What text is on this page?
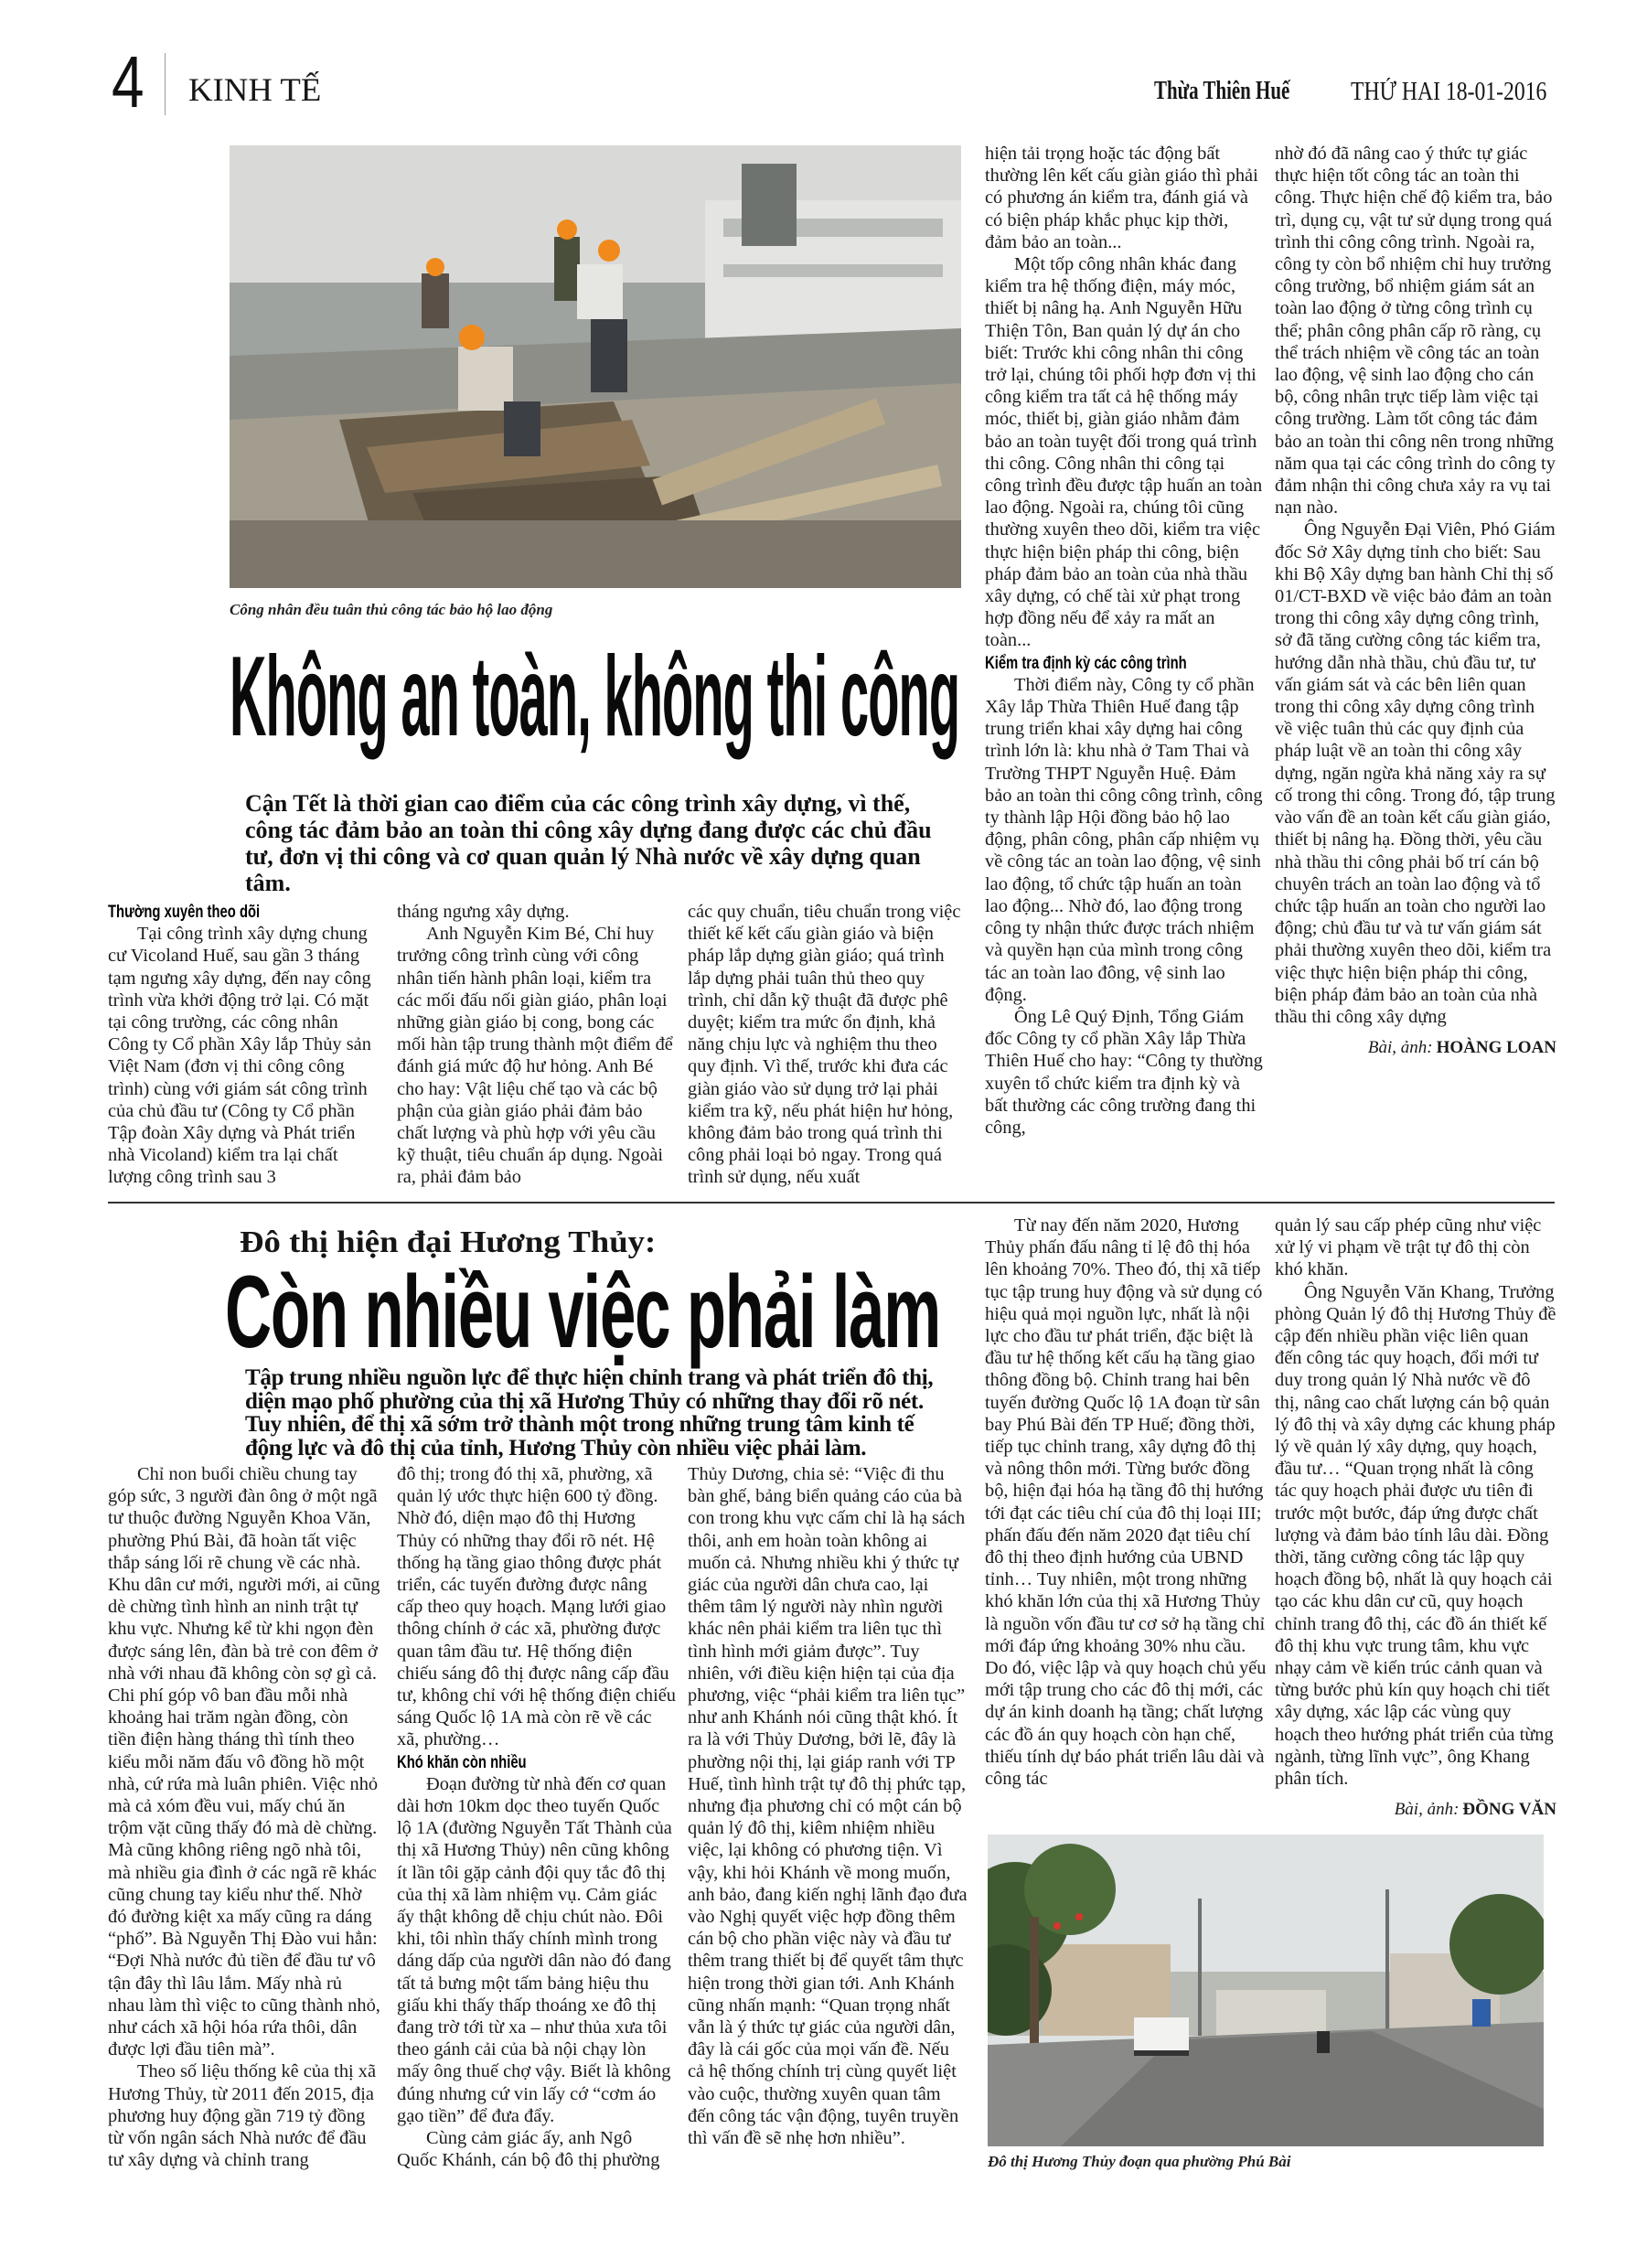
4 KINH TẾ	Thừa Thiên Huế THỨ HAI 18-01-2016
Công nhân đều tuân thủ công tác bảo hộ lao động
Không an toàn, không thi công
Cận Tết là thời gian cao điểm của các công trình xây dựng, vì thế, công tác đảm bảo an toàn thi công xây dựng đang được các chủ đầu tư, đơn vị thi công và cơ quan quản lý Nhà nước về xây dựng quan tâm.
Thường xuyên theo dõi

Tại công trình xây dựng chung cư Vicoland Huế, sau gần 3 tháng tạm ngưng xây dựng, đến nay công trình vừa khởi động trở lại. Có mặt tại công trường, các công nhân Công ty Cổ phần Xây lắp Thủy sản Việt Nam (đơn vị thi công công trình) cùng với giám sát công trình của chủ đầu tư (Công ty Cổ phần Tập đoàn Xây dựng và Phát triển nhà Vicoland) kiểm tra lại chất lượng công trình sau 3

tháng ngưng xây dựng.

Anh Nguyễn Kim Bé, Chỉ huy trưởng công trình cùng với công nhân tiến hành phân loại, kiểm tra các mối đấu nối giàn giáo, phân loại những giàn giáo bị cong, bong các mối hàn tập trung thành một điểm để đánh giá mức độ hư hỏng. Anh Bé cho hay: Vật liệu chế tạo và các bộ phận của giàn giáo phải đảm bảo chất lượng và phù hợp với yêu cầu kỹ thuật, tiêu chuẩn áp dụng. Ngoài ra, phải đảm bảo

các quy chuẩn, tiêu chuẩn trong việc thiết kế kết cấu giàn giáo và biện pháp lắp dựng giàn giáo; quá trình lắp dựng phải tuân thủ theo quy trình, chỉ dẫn kỹ thuật đã được phê duyệt; kiểm tra mức ổn định, khả năng chịu lực và nghiệm thu theo quy định. Vì thế, trước khi đưa các giàn giáo vào sử dụng trở lại phải kiểm tra kỹ, nếu phát hiện hư hỏng, không đảm bảo trong quá trình thi công phải loại bỏ ngay. Trong quá trình sử dụng, nếu xuất

hiện tải trọng hoặc tác động bất thường lên kết cấu giàn giáo thì phải có phương án kiểm tra, đánh giá và có biện pháp khắc phục kịp thời, đảm bảo an toàn...

Một tốp công nhân khác đang kiểm tra hệ thống điện, máy móc, thiết bị nâng hạ. Anh Nguyễn Hữu Thiện Tôn, Ban quản lý dự án cho biết: Trước khi công nhân thi công trở lại, chúng tôi phối hợp đơn vị thi công kiểm tra tất cả hệ thống máy móc, thiết bị, giàn giáo nhằm đảm bảo an toàn tuyệt đối trong quá trình thi công. Công nhân thi công tại công trình đều được tập huấn an toàn lao động. Ngoài ra, chúng tôi cũng thường xuyên theo dõi, kiểm tra việc thực hiện biện pháp thi công, biện pháp đảm bảo an toàn của nhà thầu xây dựng, có chế tài xử phạt trong hợp đồng nếu để xảy ra mất an toàn...

Kiểm tra định kỳ các công trình

Thời điểm này, Công ty cổ phần Xây lắp Thừa Thiên Huế đang tập trung triển khai xây dựng hai công trình lớn là: khu nhà ở Tam Thai và Trường THPT Nguyễn Huệ. Đảm bảo an toàn thi công công trình, công ty thành lập Hội đồng bảo hộ lao động, phân công, phân cấp nhiệm vụ về công tác an toàn lao động, vệ sinh lao động, tổ chức tập huấn an toàn lao động... Nhờ đó, lao động trong công ty nhận thức được trách nhiệm và quyền hạn của mình trong công tác an toàn lao đông, vệ sinh lao động.

Ông Lê Quý Định, Tổng Giám đốc Công ty cổ phần Xây lắp Thừa Thiên Huế cho hay: “Công ty thường xuyên tổ chức kiểm tra định kỳ và bất thường các công trường đang thi công,

nhờ đó đã nâng cao ý thức tự giác thực hiện tốt công tác an toàn thi công. Thực hiện chế độ kiểm tra, bảo trì, dụng cụ, vật tư sử dụng trong quá trình thi công công trình. Ngoài ra, công ty còn bổ nhiệm chỉ huy trưởng công trường, bổ nhiệm giám sát an toàn lao động ở từng công trình cụ thể; phân công phân cấp rõ ràng, cụ thể trách nhiệm về công tác an toàn lao động, vệ sinh lao động cho cán bộ, công nhân trực tiếp làm việc tại công trường. Làm tốt công tác đảm bảo an toàn thi công nên trong những năm qua tại các công trình do công ty đảm nhận thi công chưa xảy ra vụ tai nạn nào.

Ông Nguyễn Đại Viên, Phó Giám đốc Sở Xây dựng tỉnh cho biết: Sau khi Bộ Xây dựng ban hành Chỉ thị số 01/CT-BXD về việc bảo đảm an toàn trong thi công xây dựng công trình, sở đã tăng cường công tác kiểm tra, hướng dẫn nhà thầu, chủ đầu tư, tư vấn giám sát và các bên liên quan trong thi công xây dựng công trình về việc tuân thủ các quy định của pháp luật về an toàn thi công xây dựng, ngăn ngừa khả năng xảy ra sự cố trong thi công. Trong đó, tập trung vào vấn đề an toàn kết cấu giàn giáo, thiết bị nâng hạ. Đồng thời, yêu cầu nhà thầu thi công phải bố trí cán bộ chuyên trách an toàn lao động và tổ chức tập huấn an toàn cho người lao động; chủ đầu tư và tư vấn giám sát phải thường xuyên theo dõi, kiểm tra việc thực hiện biện pháp thi công, biện pháp đảm bảo an toàn của nhà thầu thi công xây dựng

Bài, ảnh: HOÀNG LOAN
Đô thị hiện đại Hương Thủy:
Còn nhiều việc phải làm
Tập trung nhiều nguồn lực để thực hiện chỉnh trang và phát triển đô thị, diện mạo phố phường của thị xã Hương Thủy có những thay đổi rõ nét. Tuy nhiên, để thị xã sớm trở thành một trong những trung tâm kinh tế động lực và đô thị của tỉnh, Hương Thủy còn nhiều việc phải làm.

Chỉ non buổi chiều chung tay góp sức, 3 người đàn ông ở một ngã tư thuộc đường Nguyễn Khoa Văn, phường Phú Bài, đã hoàn tất việc thắp sáng lối rẽ chung về các nhà. Khu dân cư mới, người mới, ai cũng dè chừng tình hình an ninh trật tự khu vực. Nhưng kể từ khi ngọn đèn được sáng lên, đàn bà trẻ con đêm ở nhà với nhau đã không còn sợ gì cả. Chi phí góp vô ban đầu mỗi nhà khoảng hai trăm ngàn đồng, còn tiền điện hàng tháng thì tính theo kiểu mỗi năm đấu vô đồng hồ một nhà, cứ rứa mà luân phiên. Việc nhỏ mà cả xóm đều vui, mấy chú ăn trộm vặt cũng thấy đó mà dè chừng. Mà cũng không riêng ngõ nhà tôi, mà nhiều gia đình ở các ngã rẽ khác cũng chung tay kiểu như thế. Nhờ đó đường kiệt xa mấy cũng ra dáng “phố”. Bà Nguyễn Thị Đào vui hẳn: “Đợi Nhà nước đủ tiền để đầu tư vô tận đây thì lâu lắm. Mấy nhà rủ nhau làm thì việc to cũng thành nhỏ, như cách xã hội hóa rứa thôi, dân được lợi đầu tiên mà”.

Theo số liệu thống kê của thị xã Hương Thủy, từ 2011 đến 2015, địa phương huy động gần 719 tỷ đồng từ vốn ngân sách Nhà nước để đầu tư xây dựng và chỉnh trang

đô thị; trong đó thị xã, phường, xã quản lý ước thực hiện 600 tỷ đồng. Nhờ đó, diện mạo đô thị Hương Thủy có những thay đổi rõ nét. Hệ thống hạ tầng giao thông được phát triển, các tuyến đường được nâng cấp theo quy hoạch. Mạng lưới giao thông chính ở các xã, phường được quan tâm đầu tư. Hệ thống điện chiếu sáng đô thị được nâng cấp đầu tư, không chỉ với hệ thống điện chiếu sáng Quốc lộ 1A mà còn rẽ về các xã, phường…

Khó khăn còn nhiều

Đoạn đường từ nhà đến cơ quan dài hơn 10km dọc theo tuyến Quốc lộ 1A (đường Nguyễn Tất Thành của thị xã Hương Thủy) nên cũng không ít lần tôi gặp cảnh đội quy tắc đô thị của thị xã làm nhiệm vụ. Cảm giác ấy thật không dễ chịu chút nào. Đôi khi, tôi nhìn thấy chính mình trong dáng dấp của người dân nào đó đang tất tả bưng một tấm bảng hiệu thu giấu khi thấy thấp thoáng xe đô thị đang trờ tới từ xa – như thủa xưa tôi theo gánh cải của bà nội chạy lòn mấy ông thuế chợ vậy. Biết là không đúng nhưng cứ vin lấy cớ “cơm áo gạo tiền” để đưa đẩy.

Cùng cảm giác ấy, anh Ngô Quốc Khánh, cán bộ đô thị phường

Thủy Dương, chia sẻ: “Việc đi thu bàn ghế, bảng biển quảng cáo của bà con trong khu vực cấm chỉ là hạ sách thôi, anh em hoàn toàn không ai muốn cả. Nhưng nhiều khi ý thức tự giác của người dân chưa cao, lại thêm tâm lý người này nhìn người khác nên phải kiểm tra liên tục thì tình hình mới giảm được”. Tuy nhiên, với điều kiện hiện tại của địa phương, việc “phải kiểm tra liên tục” như anh Khánh nói cũng thật khó. Ít ra là với Thủy Dương, bởi lẽ, đây là phường nội thị, lại giáp ranh với TP Huế, tình hình trật tự đô thị phức tạp, nhưng địa phương chỉ có một cán bộ quản lý đô thị, kiêm nhiệm nhiều việc, lại không có phương tiện. Vì vậy, khi hỏi Khánh về mong muốn, anh bảo, đang kiến nghị lãnh đạo đưa vào Nghị quyết việc hợp đồng thêm cán bộ cho phần việc này và đầu tư thêm trang thiết bị để quyết tâm thực hiện trong thời gian tới. Anh Khánh cũng nhấn mạnh: “Quan trọng nhất vẫn là ý thức tự giác của người dân, đây là cái gốc của mọi vấn đề. Nếu cả hệ thống chính trị cùng quyết liệt vào cuộc, thường xuyên quan tâm đến công tác vận động, tuyên truyền thì vấn đề sẽ nhẹ hơn nhiều”.

Từ nay đến năm 2020, Hương Thủy phấn đấu nâng tỉ lệ đô thị hóa lên khoảng 70%. Theo đó, thị xã tiếp tục tập trung huy động và sử dụng có hiệu quả mọi nguồn lực, nhất là nội lực cho đầu tư phát triển, đặc biệt là đầu tư hệ thống kết cấu hạ tầng giao thông đồng bộ. Chỉnh trang hai bên tuyến đường Quốc lộ 1A đoạn từ sân bay Phú Bài đến TP Huế; đồng thời, tiếp tục chỉnh trang, xây dựng đô thị và nông thôn mới. Từng bước đồng bộ, hiện đại hóa hạ tầng đô thị hướng tới đạt các tiêu chí của đô thị loại III; phấn đấu đến năm 2020 đạt tiêu chí đô thị theo định hướng của UBND tỉnh… Tuy nhiên, một trong những khó khăn lớn của thị xã Hương Thủy là nguồn vốn đầu tư cơ sở hạ tầng chỉ mới đáp ứng khoảng 30% nhu cầu. Do đó, việc lập và quy hoạch chủ yếu mới tập trung cho các đô thị mới, các dự án kinh doanh hạ tầng; chất lượng các đồ án quy hoạch còn hạn chế, thiếu tính dự báo phát triển lâu dài và công tác

quản lý sau cấp phép cũng như việc xử lý vi phạm về trật tự đô thị còn khó khăn.

Ông Nguyễn Văn Khang, Trưởng phòng Quản lý đô thị Hương Thủy đề cập đến nhiều phần việc liên quan đến công tác quy hoạch, đổi mới tư duy trong quản lý Nhà nước về đô thị, nâng cao chất lượng cán bộ quản lý đô thị và xây dựng các khung pháp lý về quản lý xây dựng, quy hoạch, đầu tư… “Quan trọng nhất là công tác quy hoạch phải được ưu tiên đi trước một bước, đáp ứng được chất lượng và đảm bảo tính lâu dài. Đồng thời, tăng cường công tác lập quy hoạch đồng bộ, nhất là quy hoạch cải tạo các khu dân cư cũ, quy hoạch chỉnh trang đô thị, các đồ án thiết kế đô thị khu vực trung tâm, khu vực nhạy cảm về kiến trúc cảnh quan và từng bước phủ kín quy hoạch chi tiết xây dựng, xác lập các vùng quy hoạch theo hướng phát triển của từng ngành, từng lĩnh vực”, ông Khang phân tích.

Bài, ảnh: ĐỒNG VĂN
Đô thị Hương Thủy đoạn qua phường Phú Bài
